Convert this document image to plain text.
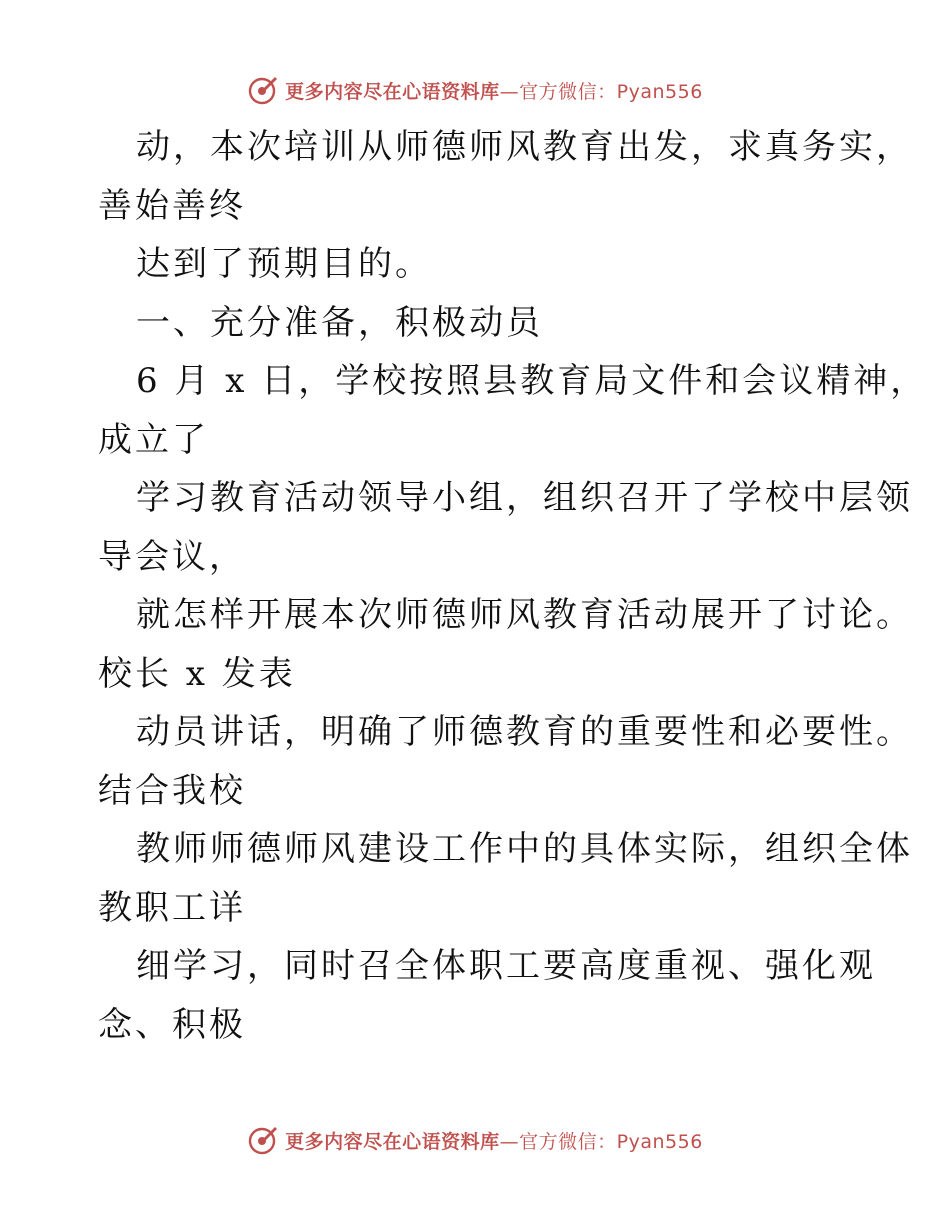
更多内容尽在心语资料库—官方微信：Pyan556

动，本次培训从师德师风教育出发，求真务实，

善始善终

达到了预期目的。

一、充分准备，积极动员

6 月 x 日，学校按照县教育局文件和会议精神，

成立了

学习教育活动领导小组，组织召开了学校中层领

导会议，

就怎样开展本次师德师风教育活动展开了讨论。

校长 x 发表

动员讲话，明确了师德教育的重要性和必要性。

结合我校

教师师德师风建设工作中的具体实际，组织全体

教职工详

细学习，同时召全体职工要高度重视、强化观

念、积极

更多内容尽在心语资料库—官方微信：Pyan556
